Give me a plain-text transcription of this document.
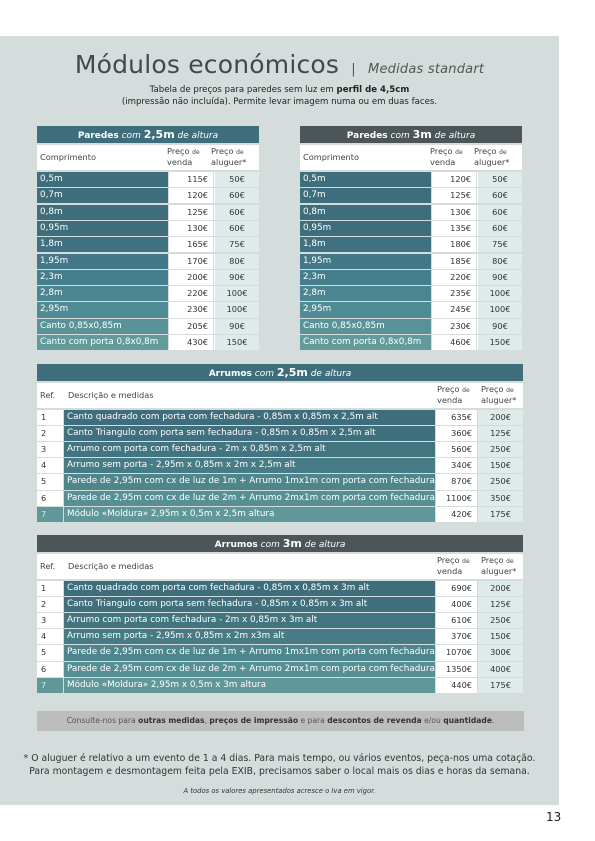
Módulos económicos | Medidas standart
Tabela de preços para paredes sem luz em perfil de 4,5cm
(impressão não incluída). Permite levar imagem numa ou em duas faces.
Paredes com 2,5m de altura
Comprimento
Preço de
venda
Preço de
aluguer*
0,5m	115€	50€
0,7m	120€	60€
0,8m	125€	60€
0,95m	130€	60€
1,8m	165€	75€
1,95m	170€	80€
2,3m	200€	90€
2,8m	220€	100€
2,95m	230€	100€
Canto 0,85x0,85m	205€	90€
Canto com porta 0,8x0,8m	430€	150€
Paredes com 3m de altura
Comprimento
Preço de
venda
Preço de
aluguer*
0,5m	120€	50€
0,7m	125€	60€
0,8m	130€	60€
0,95m	135€	60€
1,8m	180€	75€
1,95m	185€	80€
2,3m	220€	90€
2,8m	235€	100€
2,95m	245€	100€
Canto 0,85x0,85m	230€	90€
Canto com porta 0,8x0,8m	460€	150€
Arrumos com 2,5m de altura
Ref. Descrição e medidas
Preço de
venda
Preço de
aluguer*
1	Canto quadrado com porta com fechadura - 0,85m x 0,85m x 2,5m alt	635€	200€
2	Canto Triangulo com porta sem fechadura - 0,85m x 0,85m x 2,5m alt	360€	125€
3	Arrumo com porta com fechadura - 2m x 0,85m x 2,5m alt	560€	250€
4	Arrumo sem porta - 2,95m x 0,85m x 2m x 2,5m alt	340€	150€
5	Parede de 2,95m com cx de luz de 1m + Arrumo 1mx1m com porta com fechadura	870€	250€
6	Parede de 2,95m com cx de luz de 2m + Arrumo 2mx1m com porta com fechadura	1100€	350€
7	Módulo «Moldura» 2,95m x 0,5m x 2,5m altura	420€	175€
Arrumos com 3m de altura
Ref. Descrição e medidas
Preço de
venda
Preço de
aluguer*
1	Canto quadrado com porta com fechadura - 0,85m x 0,85m x 3m alt	690€	200€
2	Canto Triangulo com porta sem fechadura - 0,85m x 0,85m x 3m alt	400€	125€
3	Arrumo com porta com fechadura - 2m x 0,85m x 3m alt	610€	250€
4	Arrumo sem porta - 2,95m x 0,85m x 2m x3m alt	370€	150€
5	Parede de 2,95m com cx de luz de 1m + Arrumo 1mx1m com porta com fechadura	1070€	300€
6	Parede de 2,95m com cx de luz de 2m + Arrumo 2mx1m com porta com fechadura	1350€	400€
7	Módulo «Moldura» 2,95m x 0,5m x 3m altura	440€	175€
Consulte-nos para outras medidas, preços de impressão e para descontos de revenda e/ou quantidade.
* O aluguer é relativo a um evento de 1 a 4 dias. Para mais tempo, ou vários eventos, peça-nos uma cotação.
Para montagem e desmontagem feita pela EXIB, precisamos saber o local mais os dias e horas da semana.
A todos os valores apresentados acresce o Iva em vigor.
13
